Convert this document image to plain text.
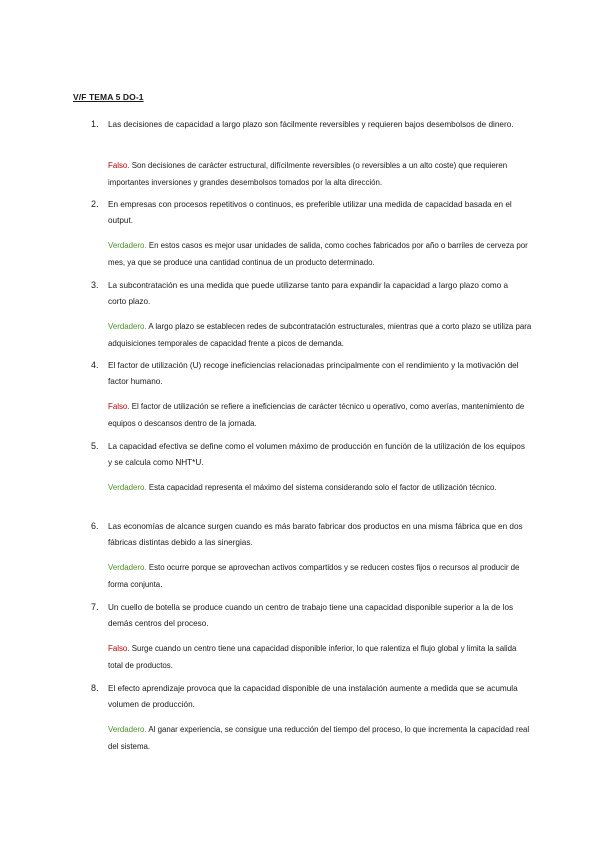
V/F TEMA 5 DO-1
1. Las decisiones de capacidad a largo plazo son fácilmente reversibles y requieren bajos desembolsos de dinero.
Falso. Son decisiones de carácter estructural, difícilmente reversibles (o reversibles a un alto coste) que requieren importantes inversiones y grandes desembolsos tomados por la alta dirección.
2. En empresas con procesos repetitivos o continuos, es preferible utilizar una medida de capacidad basada en el output.
Verdadero. En estos casos es mejor usar unidades de salida, como coches fabricados por año o barriles de cerveza por mes, ya que se produce una cantidad continua de un producto determinado.
3. La subcontratación es una medida que puede utilizarse tanto para expandir la capacidad a largo plazo como a corto plazo.
Verdadero. A largo plazo se establecen redes de subcontratación estructurales, mientras que a corto plazo se utiliza para adquisiciones temporales de capacidad frente a picos de demanda.
4. El factor de utilización (U) recoge ineficiencias relacionadas principalmente con el rendimiento y la motivación del factor humano.
Falso. El factor de utilización se refiere a ineficiencias de carácter técnico u operativo, como averías, mantenimiento de equipos o descansos dentro de la jornada.
5. La capacidad efectiva se define como el volumen máximo de producción en función de la utilización de los equipos y se calcula como NHT*U.
Verdadero. Esta capacidad representa el máximo del sistema considerando solo el factor de utilización técnico.
6. Las economías de alcance surgen cuando es más barato fabricar dos productos en una misma fábrica que en dos fábricas distintas debido a las sinergias.
Verdadero. Esto ocurre porque se aprovechan activos compartidos y se reducen costes fijos o recursos al producir de forma conjunta.
7. Un cuello de botella se produce cuando un centro de trabajo tiene una capacidad disponible superior a la de los demás centros del proceso.
Falso. Surge cuando un centro tiene una capacidad disponible inferior, lo que ralentiza el flujo global y limita la salida total de productos.
8. El efecto aprendizaje provoca que la capacidad disponible de una instalación aumente a medida que se acumula volumen de producción.
Verdadero. Al ganar experiencia, se consigue una reducción del tiempo del proceso, lo que incrementa la capacidad real del sistema.
